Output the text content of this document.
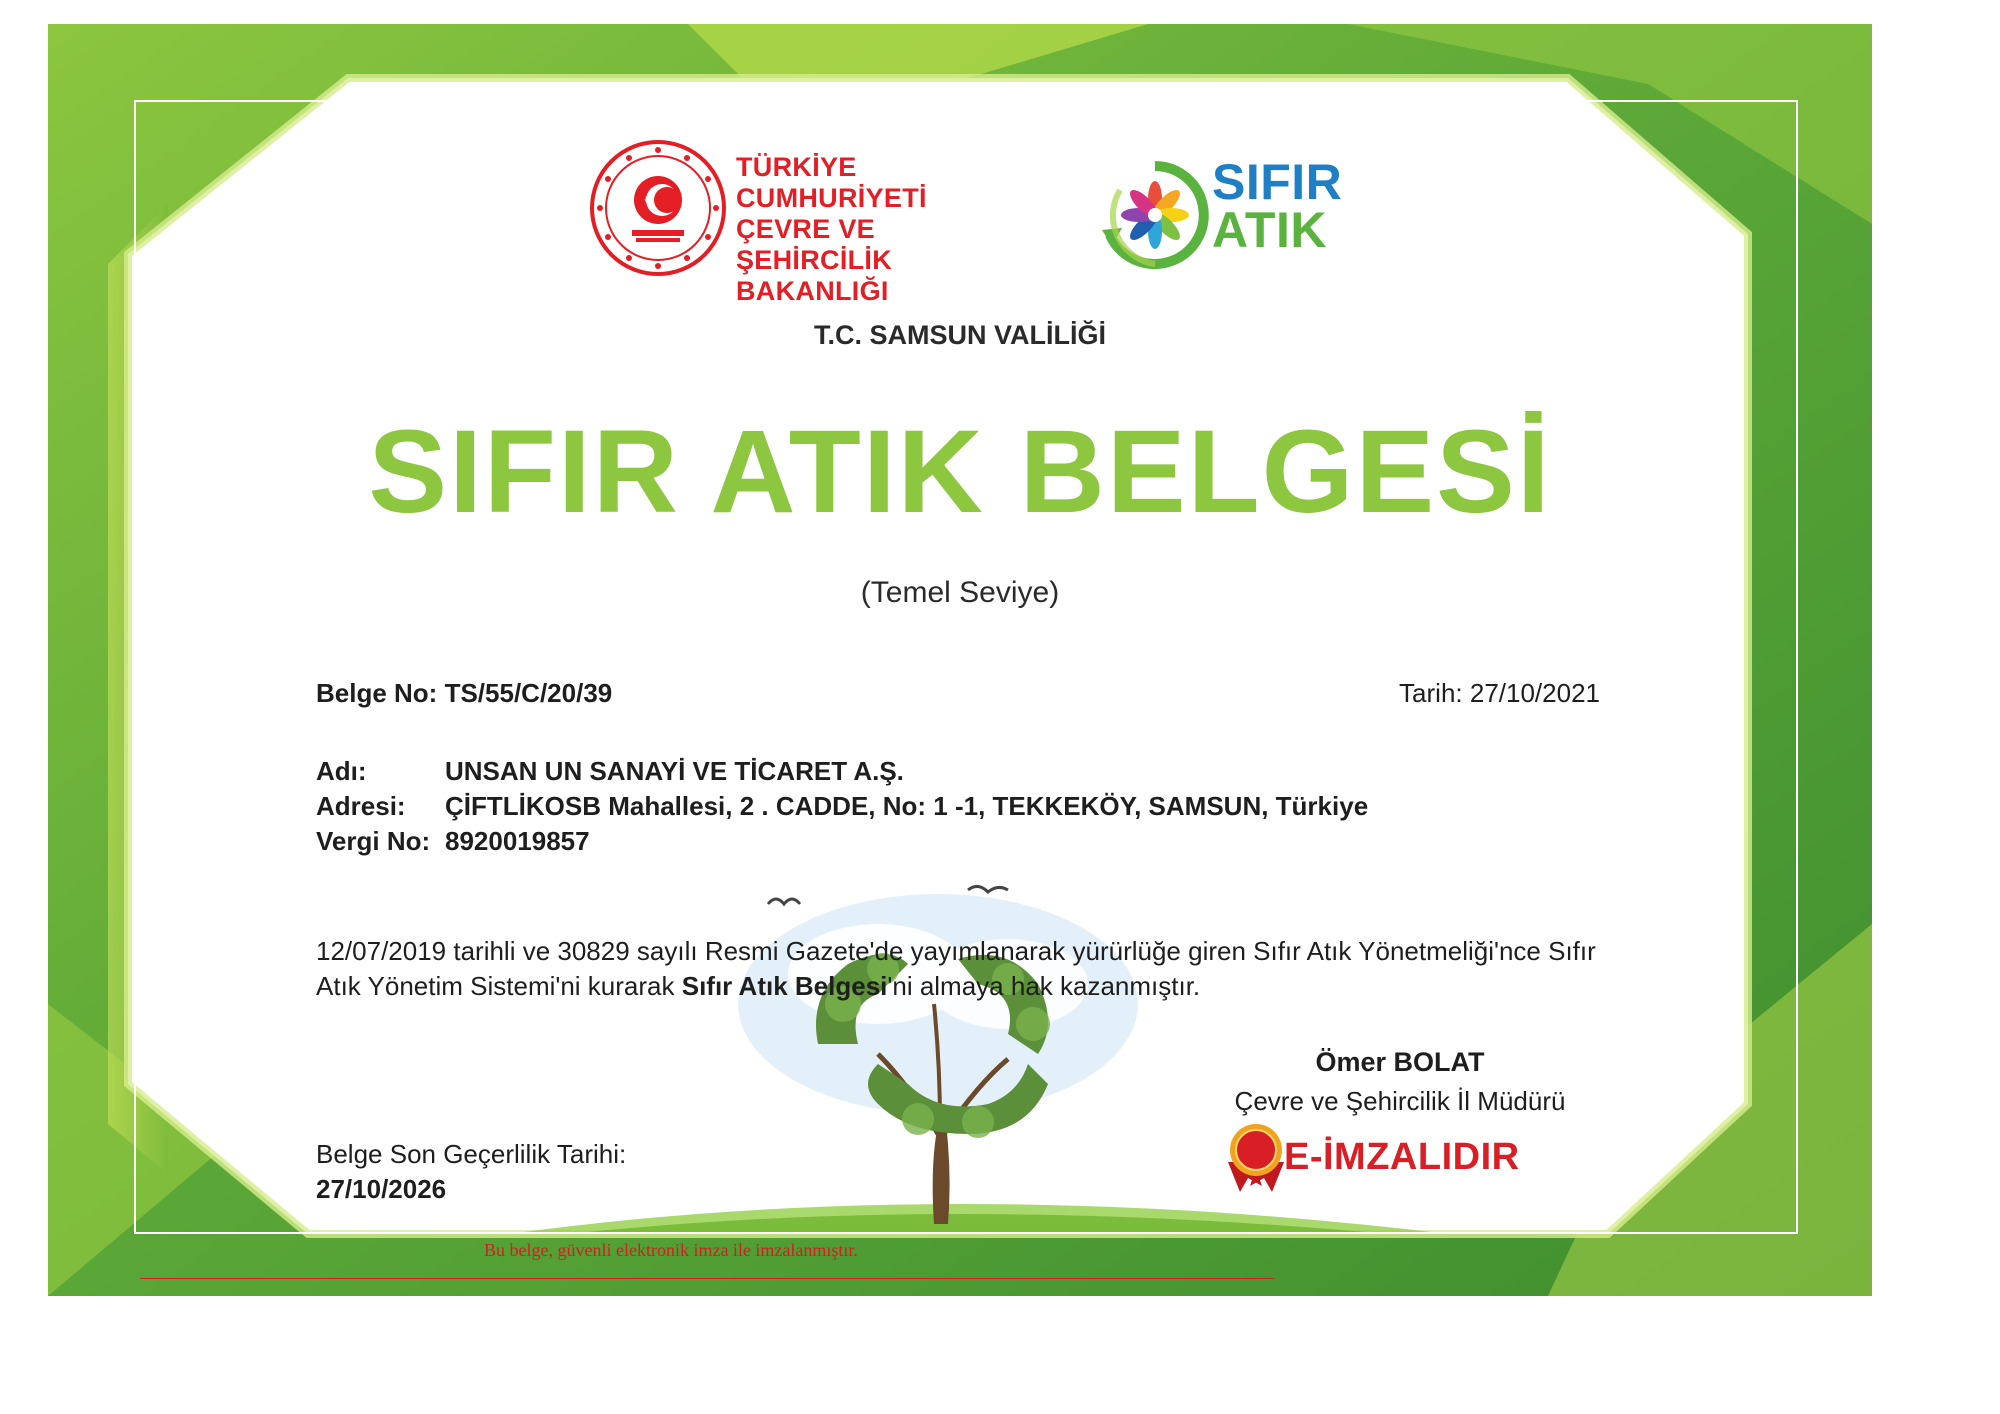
TÜRKİYE CUMHURİYETİ
ÇEVRE VE ŞEHİRCİLİK
BAKANLIĞI
SIFIR
ATIK
T.C. SAMSUN VALİLİĞİ
SIFIR ATIK BELGESİ
(Temel Seviye)
Belge No: TS/55/C/20/39	Tarih: 27/10/2021
Adı:	UNSAN UN SANAYİ VE TİCARET A.Ş.
Adresi: ÇİFTLİKOSB Mahallesi, 2 . CADDE, No: 1 -1, TEKKEKÖY, SAMSUN, Türkiye
Vergi No: 8920019857
12/07/2019 tarihli ve 30829 sayılı Resmi Gazete'de yayımlanarak yürürlüğe giren Sıfır Atık Yönetmeliği'nce Sıfır Atık Yönetim Sistemi'ni kurarak Sıfır Atık Belgesi'ni almaya hak kazanmıştır.
Ömer BOLAT
Çevre ve Şehircilik İl Müdürü
E-İMZALIDIR
Belge Son Geçerlilik Tarihi:
27/10/2026
Bu belge, güvenli elektronik imza ile imzalanmıştır.
